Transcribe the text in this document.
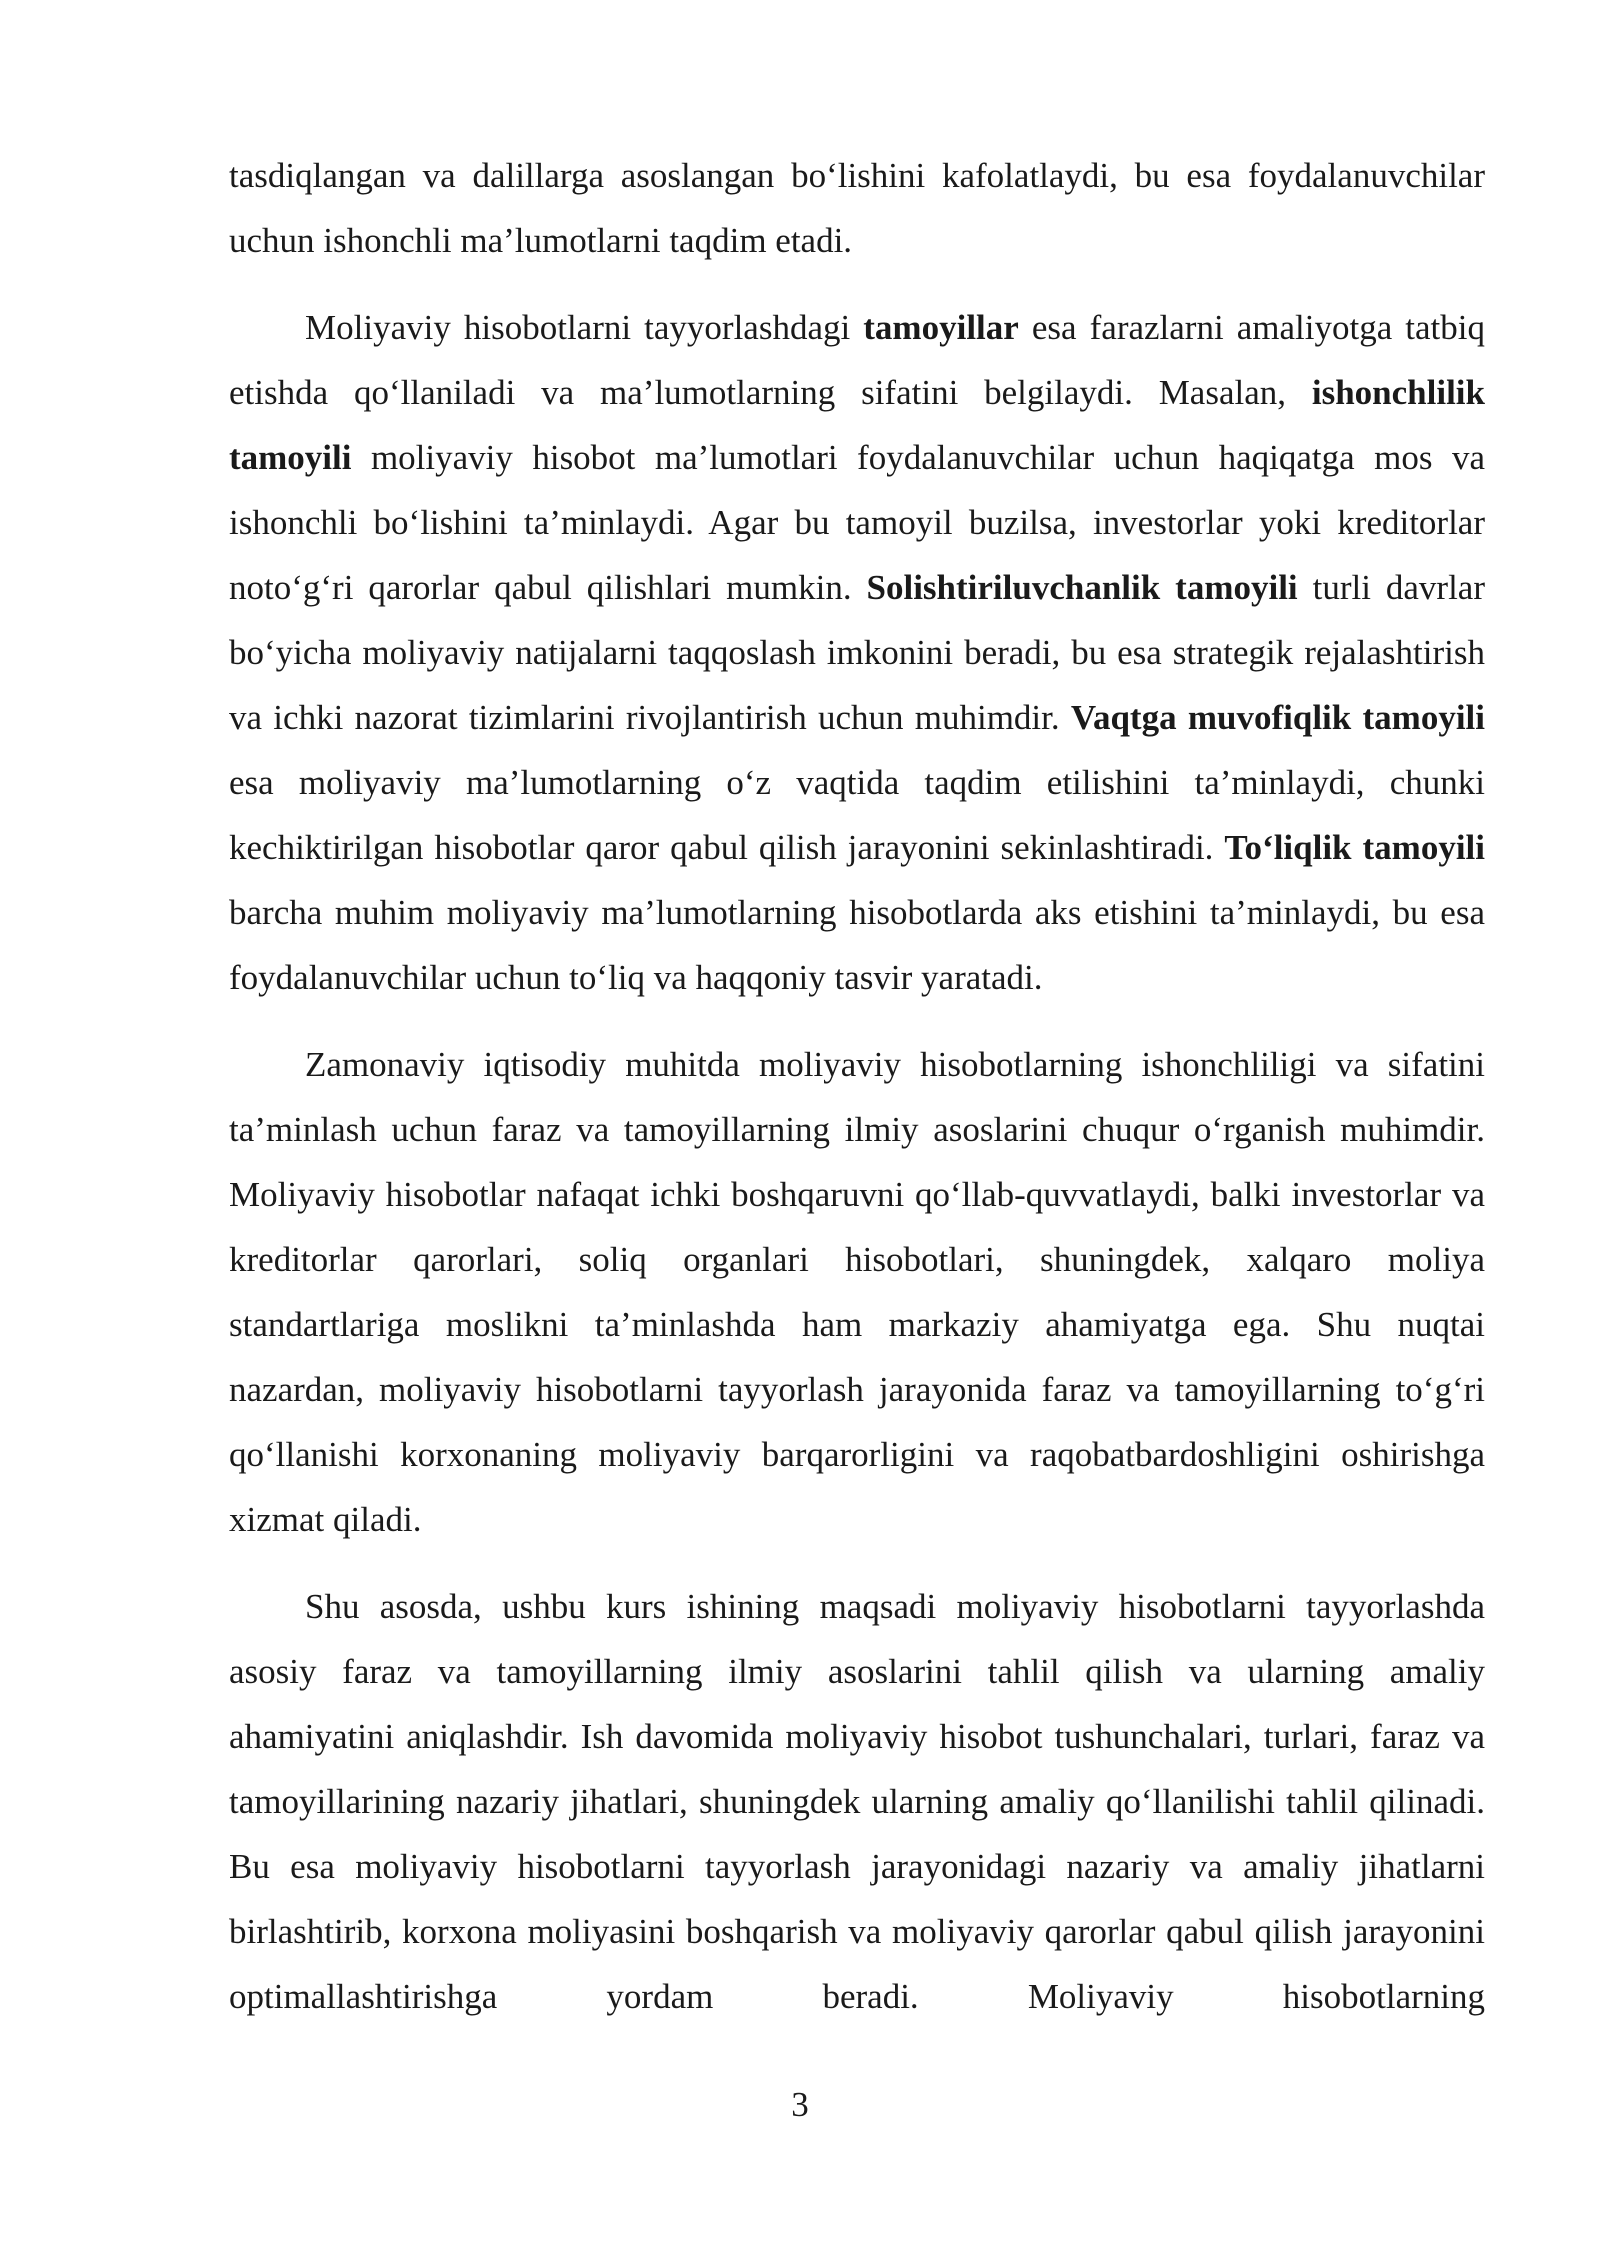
tasdiqlangan va dalillarga asoslangan bo‘lishini kafolatlaydi, bu esa foydalanuvchilar uchun ishonchli ma’lumotlarni taqdim etadi.

Moliyaviy hisobotlarni tayyorlashdagi tamoyillar esa farazlarni amaliyotga tatbiq etishda qo‘llaniladi va ma’lumotlarning sifatini belgilaydi. Masalan, ishonchlilik tamoyili moliyaviy hisobot ma’lumotlari foydalanuvchilar uchun haqiqatga mos va ishonchli bo‘lishini ta’minlaydi. Agar bu tamoyil buzilsa, investorlar yoki kreditorlar noto‘g‘ri qarorlar qabul qilishlari mumkin. Solishtiriluvchanlik tamoyili turli davrlar bo‘yicha moliyaviy natijalarni taqqoslash imkonini beradi, bu esa strategik rejalashtirish va ichki nazorat tizimlarini rivojlantirish uchun muhimdir. Vaqtga muvofiqlik tamoyili esa moliyaviy ma’lumotlarning o‘z vaqtida taqdim etilishini ta’minlaydi, chunki kechiktirilgan hisobotlar qaror qabul qilish jarayonini sekinlashtiradi. To‘liqlik tamoyili barcha muhim moliyaviy ma’lumotlarning hisobotlarda aks etishini ta’minlaydi, bu esa foydalanuvchilar uchun to‘liq va haqqoniy tasvir yaratadi.

Zamonaviy iqtisodiy muhitda moliyaviy hisobotlarning ishonchliligi va sifatini ta’minlash uchun faraz va tamoyillarning ilmiy asoslarini chuqur o‘rganish muhimdir. Moliyaviy hisobotlar nafaqat ichki boshqaruvni qo‘llab-quvvatlaydi, balki investorlar va kreditorlar qarorlari, soliq organlari hisobotlari, shuningdek, xalqaro moliya standartlariga moslikni ta’minlashda ham markaziy ahamiyatga ega. Shu nuqtai nazardan, moliyaviy hisobotlarni tayyorlash jarayonida faraz va tamoyillarning to‘g‘ri qo‘llanishi korxonaning moliyaviy barqarorligini va raqobatbardoshligini oshirishga xizmat qiladi.

Shu asosda, ushbu kurs ishining maqsadi moliyaviy hisobotlarni tayyorlashda asosiy faraz va tamoyillarning ilmiy asoslarini tahlil qilish va ularning amaliy ahamiyatini aniqlashdir. Ish davomida moliyaviy hisobot tushunchalari, turlari, faraz va tamoyillarining nazariy jihatlari, shuningdek ularning amaliy qo‘llanilishi tahlil qilinadi. Bu esa moliyaviy hisobotlarni tayyorlash jarayonidagi nazariy va amaliy jihatlarni birlashtirib, korxona moliyasini boshqarish va moliyaviy qarorlar qabul qilish jarayonini optimallashtirishga yordam beradi. Moliyaviy hisobotlarning

3
